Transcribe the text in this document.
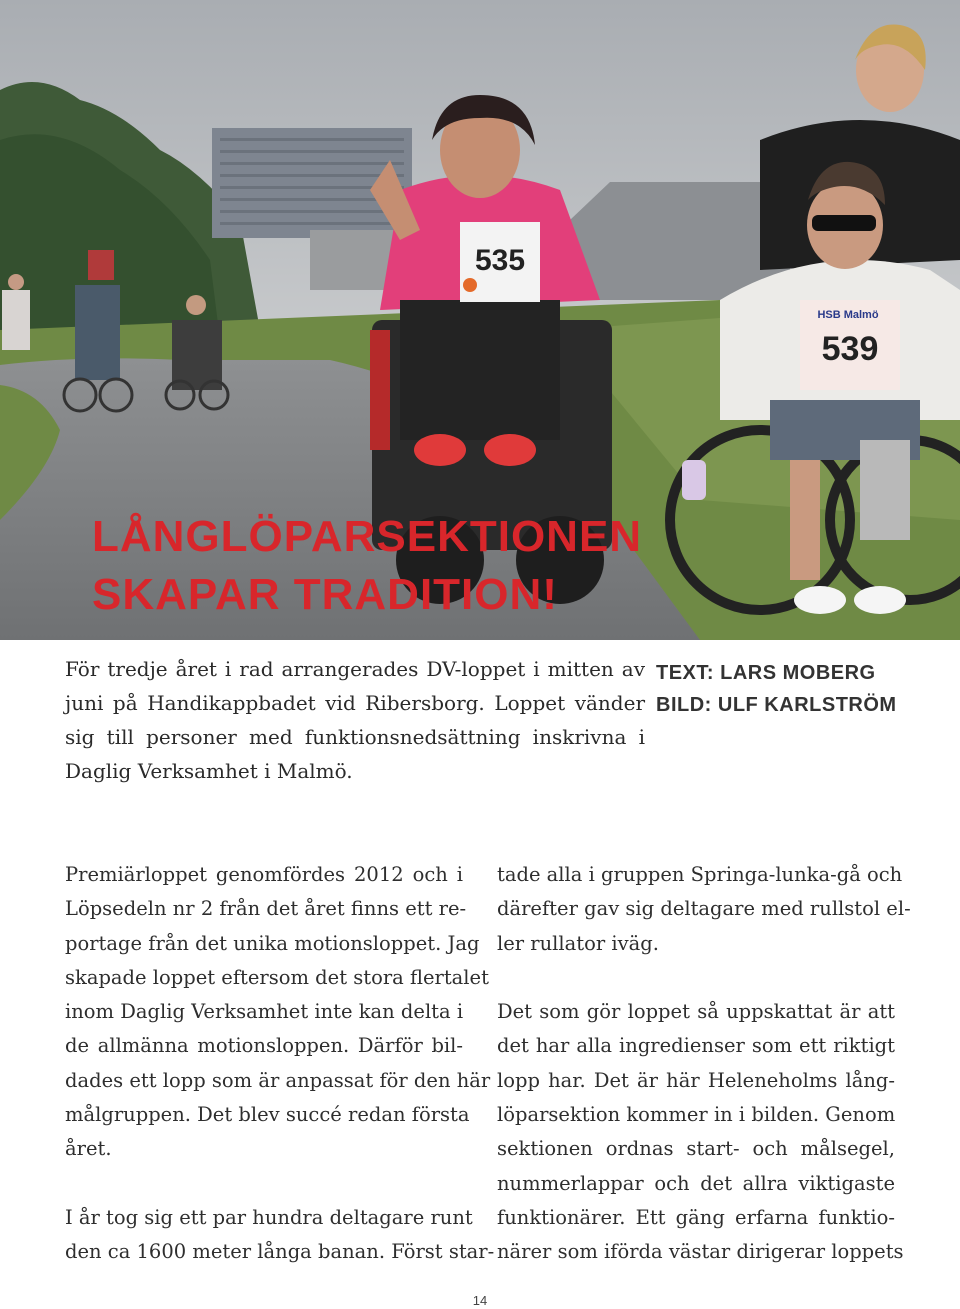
535
539
HSB Malmö
LÅNGLÖPARSEKTIONEN
SKAPAR TRADITION!

För tredje året i rad arrangerades DV-loppet i mitten av juni på Handikappbadet vid Ribersborg. Loppet vänder sig till personer med funktionsnedsättning inskrivna i Daglig Verksamhet i Malmö.

TEXT: LARS MOBERG
BILD: ULF KARLSTRÖM
Premiärloppet genomfördes 2012 och i
Löpsedeln nr 2 från det året finns ett re-
portage från det unika motionsloppet. Jag
skapade loppet eftersom det stora flertalet
inom Daglig Verksamhet inte kan delta i
de allmänna motionsloppen. Därför bil-
dades ett lopp som är anpassat för den här
målgruppen. Det blev succé redan första
året.
I år tog sig ett par hundra deltagare runt
den ca 1600 meter långa banan. Först star-
tade alla i gruppen Springa-lunka-gå och
därefter gav sig deltagare med rullstol el-
ler rullator iväg.
Det som gör loppet så uppskattat är att
det har alla ingredienser som ett riktigt
lopp har. Det är här Heleneholms lång-
löparsektion kommer in i bilden. Genom
sektionen ordnas start- och målsegel,
nummerlappar och det allra viktigaste
funktionärer. Ett gäng erfarna funktio-
närer som iförda västar dirigerar loppets
14
